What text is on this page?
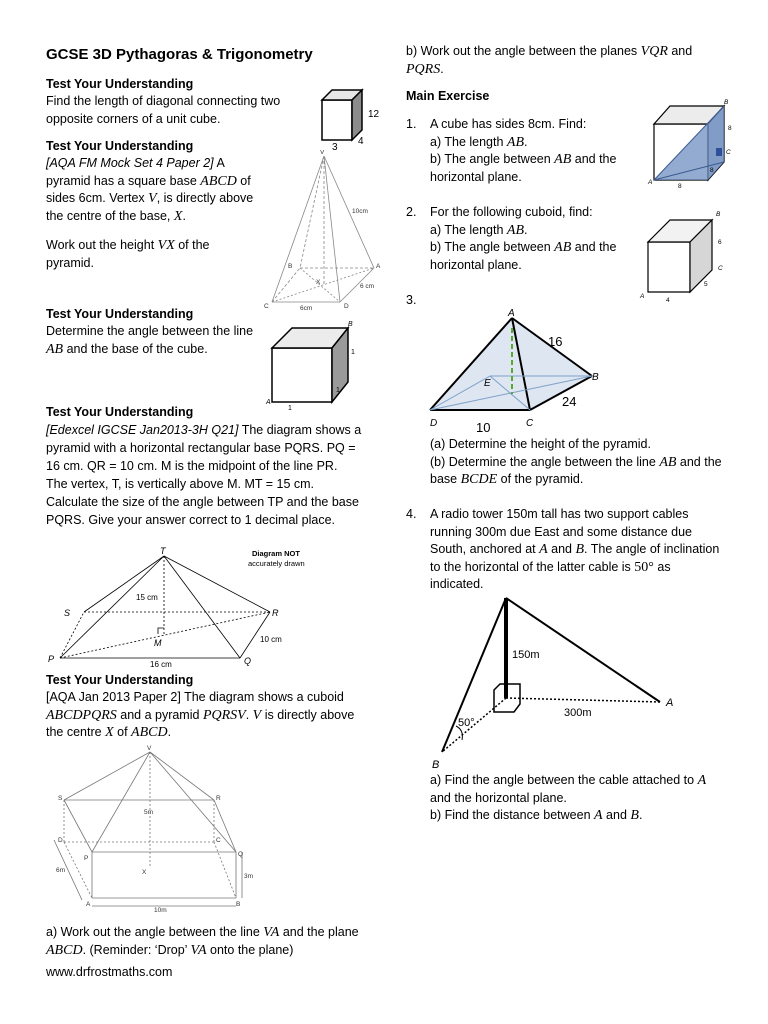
GCSE 3D Pythagoras & Trigonometry
Test Your Understanding
Find the length of diagonal connecting two opposite corners of a unit cube.	12
3
4
Test Your Understanding
[AQA FM Mock Set 4 Paper 2] A pyramid has a square base ABCD of sides 6cm. Vertex V, is directly above the centre of the base, X.
Work out the height VX of the pyramid.
V
10cm
B	A
X
C	D
6cm
6 cm
Test Your Understanding
Determine the angle between the line AB and the base of the cube.
B
A
1
1
1
Test Your Understanding
[Edexcel IGCSE Jan2013-3H Q21] The diagram shows a pyramid with a horizontal rectangular base PQRS. PQ = 16 cm. QR = 10 cm. M is the midpoint of the line PR. The vertex, T, is vertically above M. MT = 15 cm. Calculate the size of the angle between TP and the base PQRS. Give your answer correct to 1 decimal place.
T
S	R
P	Q
M
15 cm
10 cm
16 cm
Diagram NOT
accurately drawn
Test Your Understanding
[AQA Jan 2013 Paper 2] The diagram shows a cuboid ABCDPQRS and a pyramid PQRSV. V is directly above the centre X of ABCD.
V
S	R
D	C
P
Q
A	B
X
5m
6m
3m
10m
a) Work out the angle between the line VA and the plane ABCD. (Reminder: ‘Drop’ VA onto the plane)
www.drfrostmaths.com
b) Work out the angle between the planes VQR and PQRS.
Main Exercise
1. A cube has sides 8cm. Find:
a) The length AB.
b) The angle between AB and the horizontal plane.
B
A
C
8
8
8
2. For the following cuboid, find:
a) The length AB.
b) The angle between AB and the horizontal plane.
B
A
C
6
4
5
3.
A
B
C
D
E
16
24
10
(a) Determine the height of the pyramid.
(b) Determine the angle between the line AB and the base BCDE of the pyramid.
4. A radio tower 150m tall has two support cables running 300m due East and some distance due South, anchored at A and B. The angle of inclination to the horizontal of the latter cable is 50° as indicated.
150m
300m
50°
A
B
a) Find the angle between the cable attached to A and the horizontal plane.
b) Find the distance between A and B.
